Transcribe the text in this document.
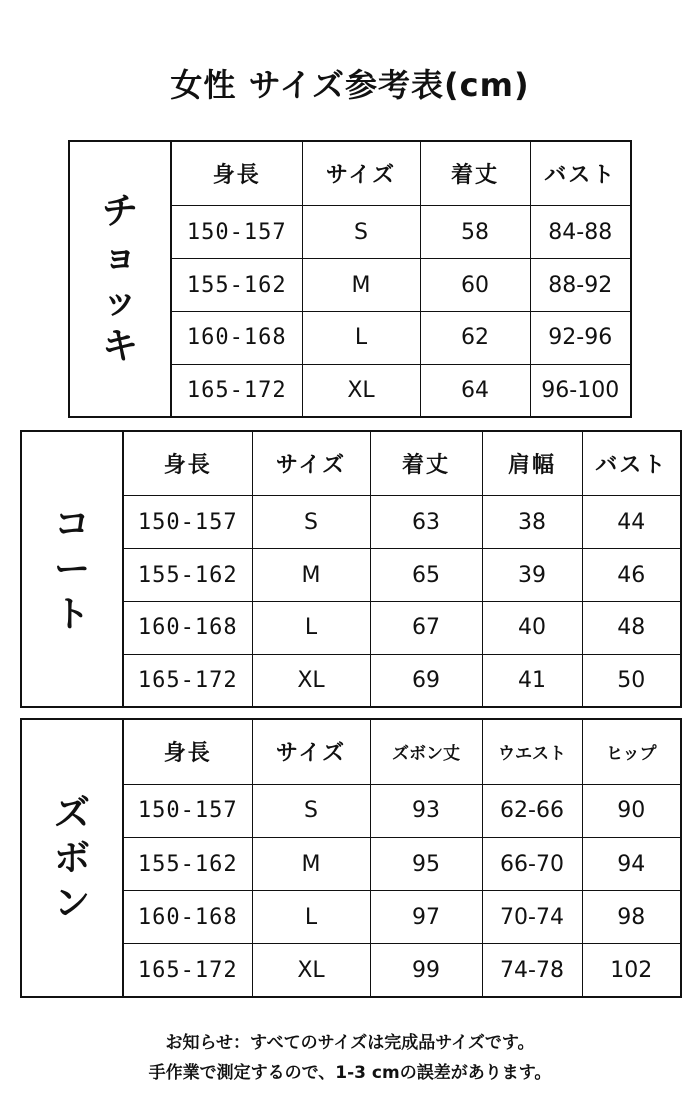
女性 サイズ参考表(cm)
チ
ョ
ッ
キ
身長	サイズ	着丈	バスト
150-157	S	58	84-88
155-162	M	60	88-92
160-168	L	62	92-96
165-172	XL	64	96-100
コ
ー
ト
身長	サイズ	着丈	肩幅	バスト
150-157	S	63	38	44
155-162	M	65	39	46
160-168	L	67	40	48
165-172	XL	69	41	50
ズ
ボ
ン
身長	サイズ	ズボン丈	ウエスト	ヒップ
150-157	S	93	62-66	90
155-162	M	95	66-70	94
160-168	L	97	70-74	98
165-172	XL	99	74-78	102
お知らせ：すべてのサイズは完成品サイズです。
手作業で測定するので、1-3 cmの誤差があります。
